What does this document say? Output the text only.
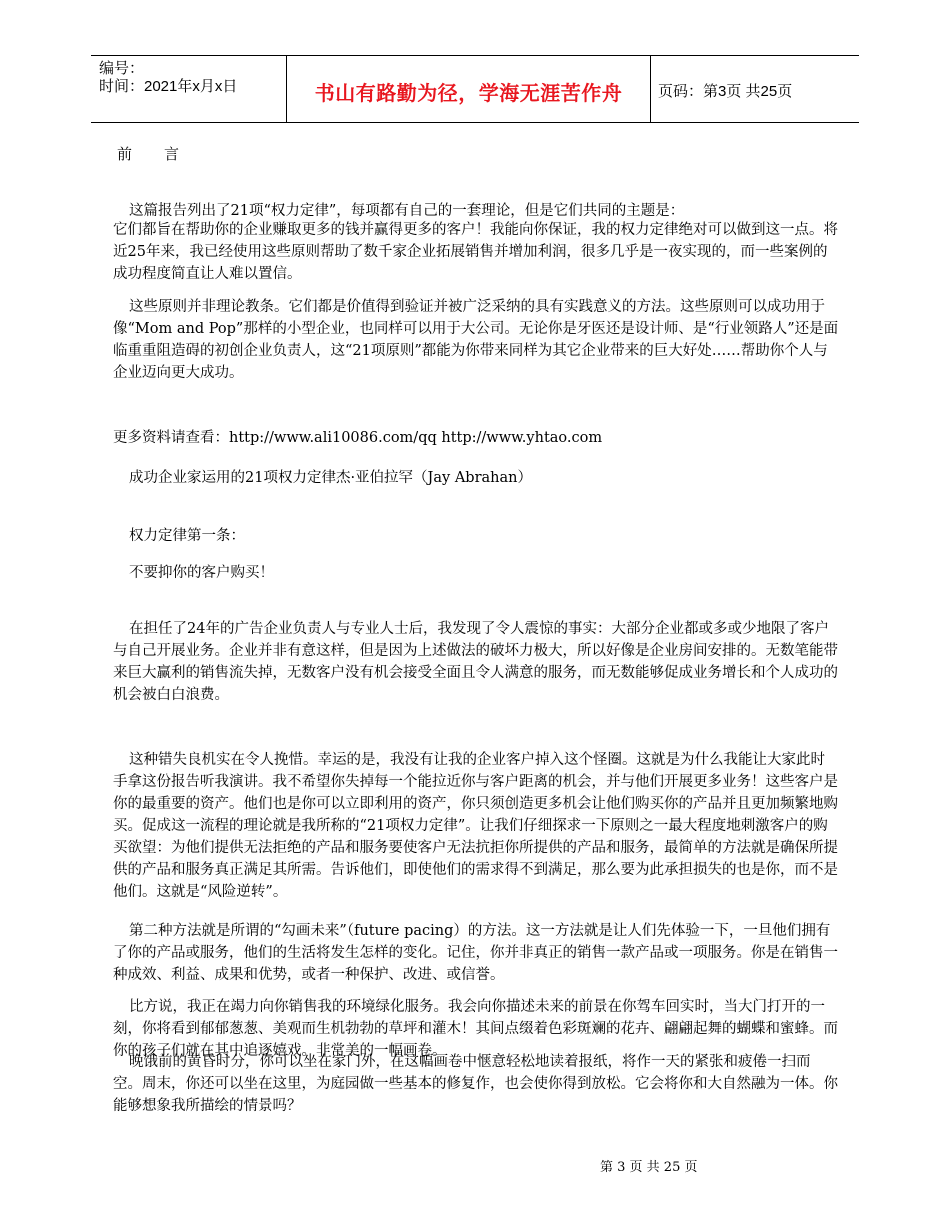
编号：
时间：2021年x月x日	书山有路勤为径，学海无涯苦作舟	页码：第3页 共25页
前言

这篇报告列出了21项“权力定律”，每项都有自己的一套理论，但是它们共同的主题是：

它们都旨在帮助你的企业赚取更多的钱并赢得更多的客户！我能向你保证，我的权力定律绝对可以做到这一点。将近25年来，我已经使用这些原则帮助了数千家企业拓展销售并增加利润，很多几乎是一夜实现的，而一些案例的成功程度简直让人难以置信。

这些原则并非理论教条。它们都是价值得到验证并被广泛采纳的具有实践意义的方法。这些原则可以成功用于像“Mom and Pop”那样的小型企业，也同样可以用于大公司。无论你是牙医还是设计师、是“行业领路人”还是面临重重阻造碍的初创企业负责人，这“21项原则”都能为你带来同样为其它企业带来的巨大好处……帮助你个人与企业迈向更大成功。

更多资料请查看：http://www.ali10086.com/qq http://www.yhtao.com

成功企业家运用的21项权力定律杰·亚伯拉罕（Jay Abrahan）

权力定律第一条：

不要抑你的客户购买！

在担任了24年的广告企业负责人与专业人士后，我发现了令人震惊的事实：大部分企业都或多或少地限了客户与自己开展业务。企业并非有意这样，但是因为上述做法的破坏力极大，所以好像是企业房间安排的。无数笔能带来巨大赢利的销售流失掉，无数客户没有机会接受全面且令人满意的服务，而无数能够促成业务增长和个人成功的机会被白白浪费。

这种错失良机实在令人挽惜。幸运的是，我没有让我的企业客户掉入这个怪圈。这就是为什么我能让大家此时手拿这份报告听我演讲。我不希望你失掉每一个能拉近你与客户距离的机会，并与他们开展更多业务！这些客户是你的最重要的资产。他们也是你可以立即利用的资产，你只须创造更多机会让他们购买你的产品并且更加频繁地购买。促成这一流程的理论就是我所称的“21项权力定律”。让我们仔细探求一下原则之一最大程度地刺激客户的购买欲望：为他们提供无法拒绝的产品和服务要使客户无法抗拒你所提供的产品和服务，最简单的方法就是确保所提供的产品和服务真正满足其所需。告诉他们，即使他们的需求得不到满足，那么要为此承担损失的也是你，而不是他们。这就是“风险逆转”。

第二种方法就是所谓的“勾画未来”（future pacing）的方法。这一方法就是让人们先体验一下，一旦他们拥有了你的产品或服务，他们的生活将发生怎样的变化。记住，你并非真正的销售一款产品或一项服务。你是在销售一种成效、利益、成果和优势，或者一种保护、改进、或信誉。

比方说，我正在竭力向你销售我的环境绿化服务。我会向你描述未来的前景在你驾车回实时，当大门打开的一刻，你将看到郁郁葱葱、美观而生机勃勃的草坪和灌木！其间点缀着色彩斑斓的花卉、翩翩起舞的蝴蝶和蜜蜂。而你的孩子们就在其中追逐嬉戏。非常美的一幅画卷。

晚饿前的黄昏时分，你可以坐在家门外，在这幅画卷中惬意轻松地读着报纸，将作一天的紧张和疲倦一扫而空。周末，你还可以坐在这里，为庭园做一些基本的修复作，也会使你得到放松。它会将你和大自然融为一体。你能够想象我所描绘的情景吗？

第 3 页 共 25 页
